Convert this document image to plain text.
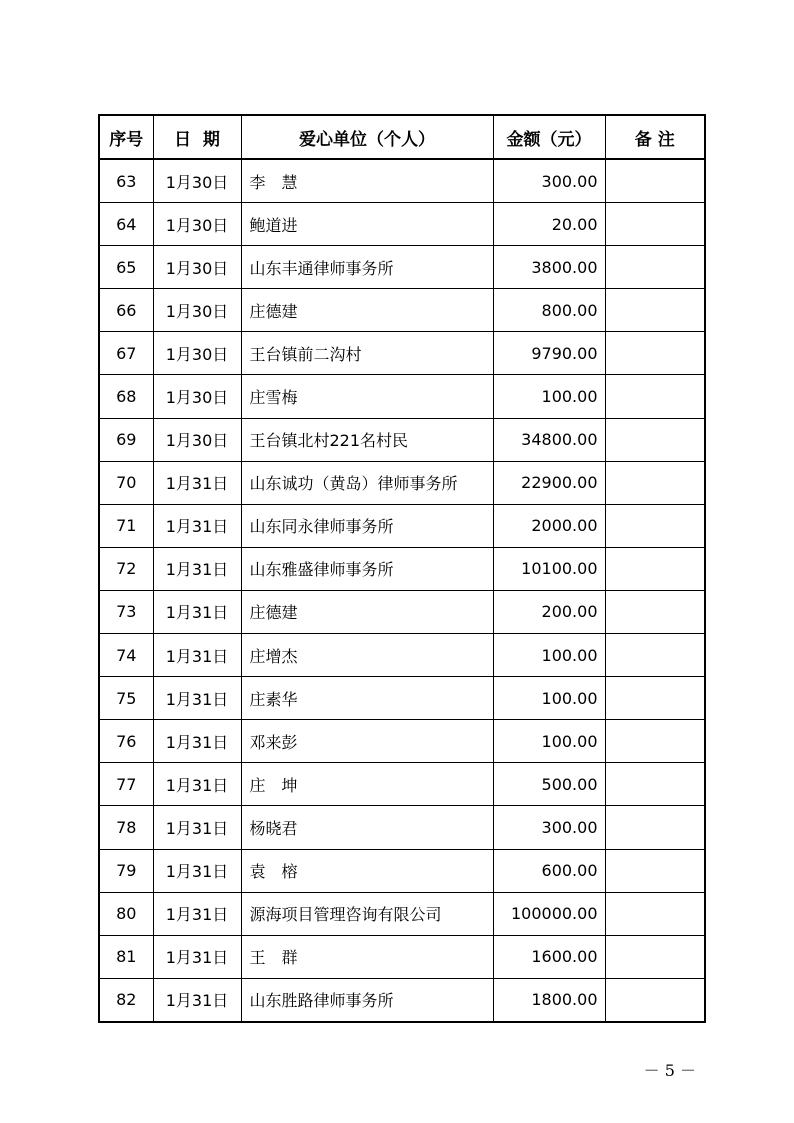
序号	日  期	爱心单位（个人）	金额（元）	备 注
63	1月30日	李　慧	300.00	
64	1月30日	鲍道进	20.00	
65	1月30日	山东丰通律师事务所	3800.00	
66	1月30日	庄德建	800.00	
67	1月30日	王台镇前二沟村	9790.00	
68	1月30日	庄雪梅	100.00	
69	1月30日	王台镇北村221名村民	34800.00	
70	1月31日	山东诚功（黄岛）律师事务所	22900.00	
71	1月31日	山东同永律师事务所	2000.00	
72	1月31日	山东雅盛律师事务所	10100.00	
73	1月31日	庄德建	200.00	
74	1月31日	庄增杰	100.00	
75	1月31日	庄素华	100.00	
76	1月31日	邓来彭	100.00	
77	1月31日	庄　坤	500.00	
78	1月31日	杨晓君	300.00	
79	1月31日	袁　榕	600.00	
80	1月31日	源海项目管理咨询有限公司	100000.00	
81	1月31日	王　群	1600.00	
82	1月31日	山东胜路律师事务所	1800.00	
－ 5 －
